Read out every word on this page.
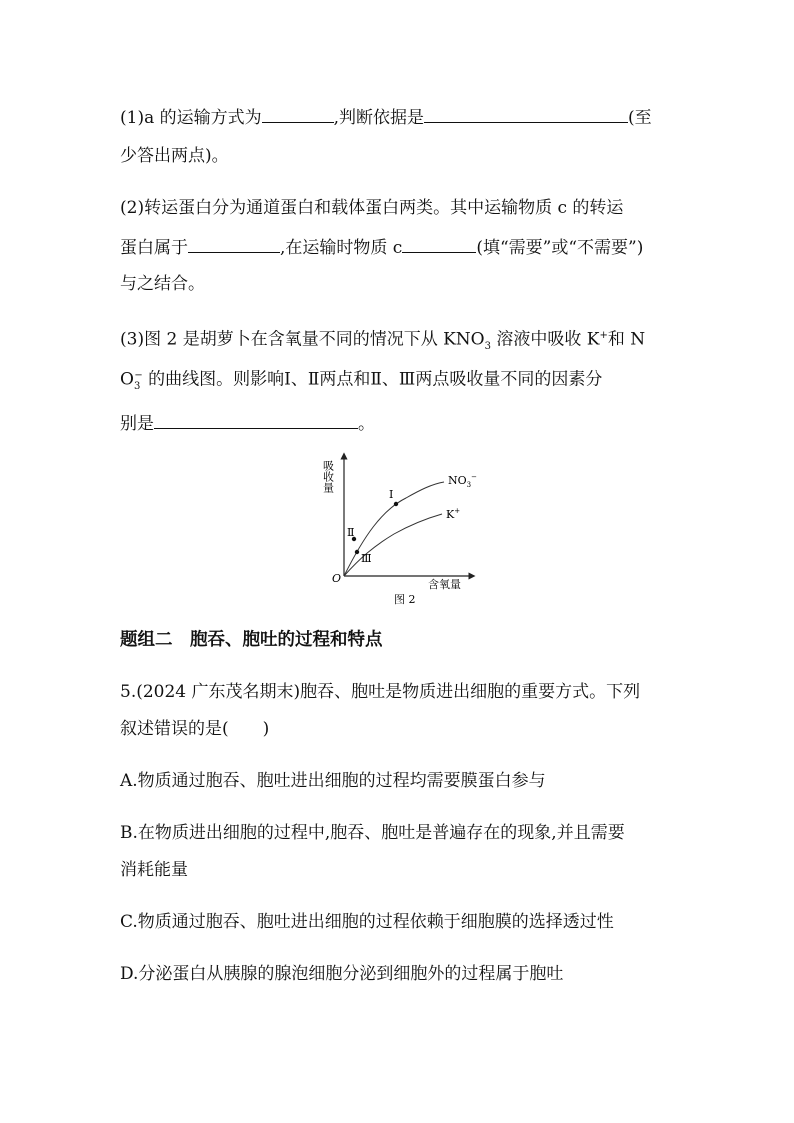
(1)a 的运输方式为	,判断依据是	(至
少答出两点)。
(2)转运蛋白分为通道蛋白和载体蛋白两类。其中运输物质 c 的转运
蛋白属于	,在运输时物质 c	(填“需要”或“不需要”)
与之结合。
(3)图 2 是胡萝卜在含氧量不同的情况下从 $KNO_3$ 溶液中吸收 K+和 N
$O_3^-$ 的曲线图。则影响Ⅰ、Ⅱ两点和Ⅱ、Ⅲ两点吸收量不同的因素分
别是	。
吸收量
含氧量
O
Ⅰ
Ⅱ
Ⅲ
$NO_3^-$
K+
图 2
题组二　胞吞、胞吐的过程和特点
5.(2024 广东茂名期末)胞吞、胞吐是物质进出细胞的重要方式。下列
叙述错误的是(　　)
A.物质通过胞吞、胞吐进出细胞的过程均需要膜蛋白参与
B.在物质进出细胞的过程中,胞吞、胞吐是普遍存在的现象,并且需要
消耗能量
C.物质通过胞吞、胞吐进出细胞的过程依赖于细胞膜的选择透过性
D.分泌蛋白从胰腺的腺泡细胞分泌到细胞外的过程属于胞吐
